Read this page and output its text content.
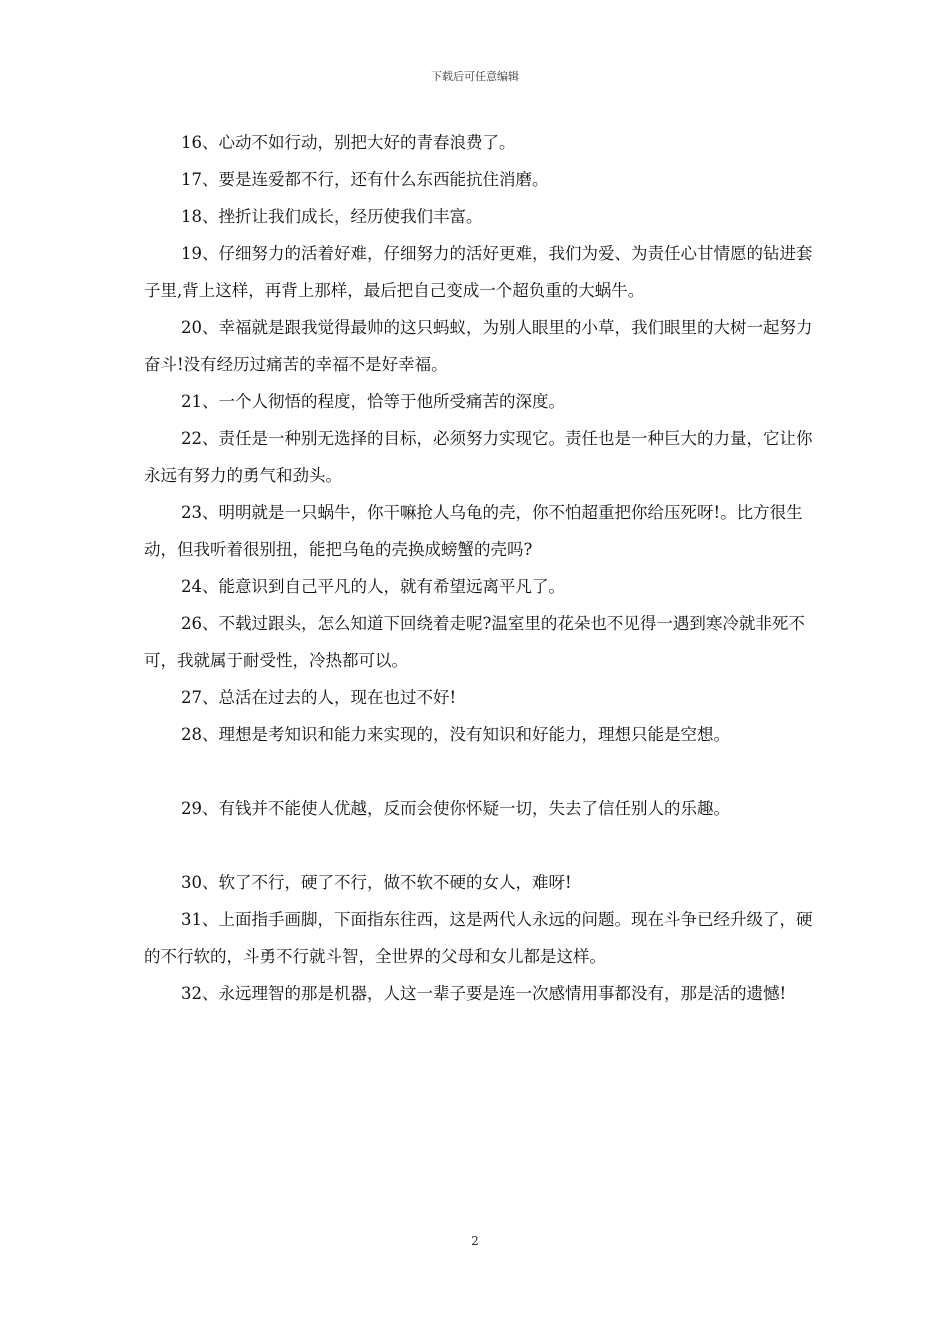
下载后可任意编辑

16、心动不如行动，别把大好的青春浪费了。

17、要是连爱都不行，还有什么东西能抗住消磨。

18、挫折让我们成长，经历使我们丰富。

19、仔细努力的活着好难，仔细努力的活好更难，我们为爱、为责任心甘情愿的钻进套子里,背上这样，再背上那样，最后把自己变成一个超负重的大蜗牛。

20、幸福就是跟我觉得最帅的这只蚂蚁，为别人眼里的小草，我们眼里的大树一起努力奋斗!没有经历过痛苦的幸福不是好幸福。

21、一个人彻悟的程度，恰等于他所受痛苦的深度。

22、责任是一种别无选择的目标，必须努力实现它。责任也是一种巨大的力量，它让你永远有努力的勇气和劲头。

23、明明就是一只蜗牛，你干嘛抢人乌龟的壳，你不怕超重把你给压死呀!。比方很生动，但我听着很别扭，能把乌龟的壳换成螃蟹的壳吗?

24、能意识到自己平凡的人，就有希望远离平凡了。

26、不载过跟头，怎么知道下回绕着走呢?温室里的花朵也不见得一遇到寒冷就非死不可，我就属于耐受性，冷热都可以。

27、总活在过去的人，现在也过不好!

28、理想是考知识和能力来实现的，没有知识和好能力，理想只能是空想。

29、有钱并不能使人优越，反而会使你怀疑一切，失去了信任别人的乐趣。

30、软了不行，硬了不行，做不软不硬的女人，难呀!

31、上面指手画脚，下面指东往西，这是两代人永远的问题。现在斗争已经升级了，硬的不行软的，斗勇不行就斗智，全世界的父母和女儿都是这样。

32、永远理智的那是机器，人这一辈子要是连一次感情用事都没有，那是活的遗憾!

2
